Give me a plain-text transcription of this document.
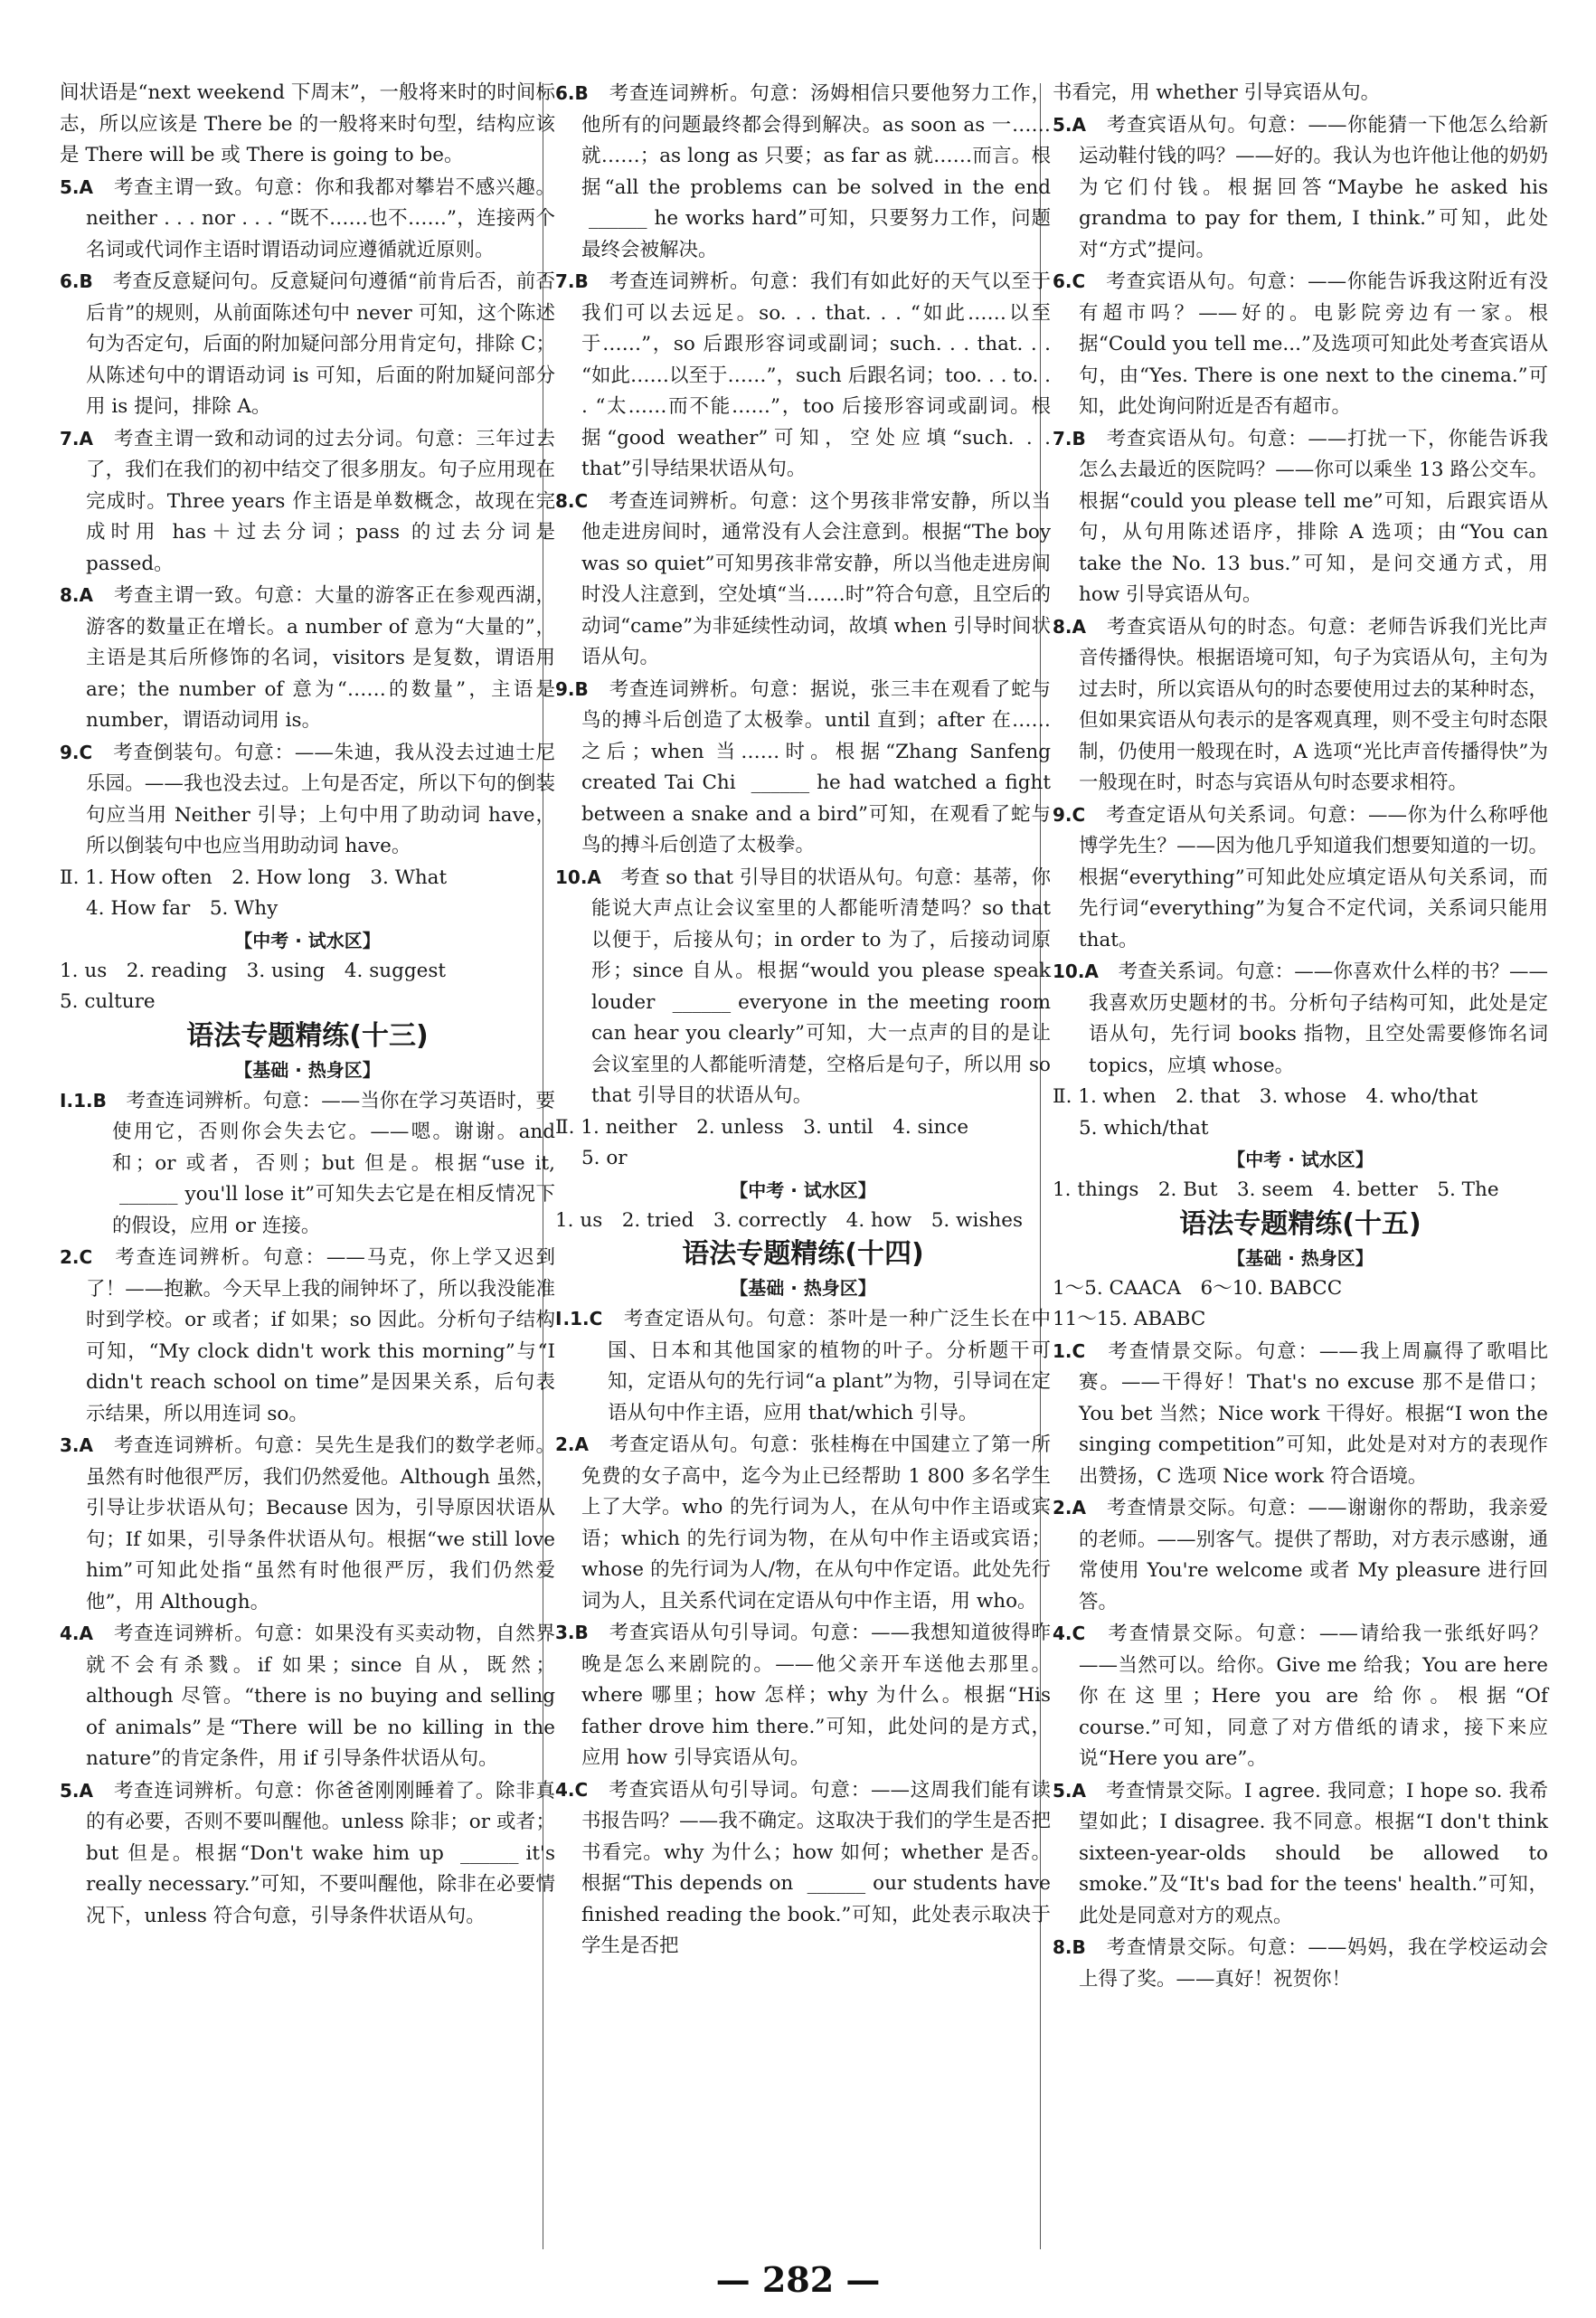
间状语是“next weekend 下周末”，一般将来时的时间标志，所以应该是 There be 的一般将来时句型，结构应该是 There will be 或 There is going to be。

5.A　 考查主谓一致。句意：你和我都对攀岩不感兴趣。neither . . . nor . . . “既不……也不……”，连接两个名词或代词作主语时谓语动词应遵循就近原则。

6.B　 考查反意疑问句。反意疑问句遵循“前肯后否，前否后肯”的规则，从前面陈述句中 never 可知，这个陈述句为否定句，后面的附加疑问部分用肯定句，排除 C；从陈述句中的谓语动词 is 可知，后面的附加疑问部分用 is 提问，排除 A。

7.A　 考查主谓一致和动词的过去分词。句意：三年过去了，我们在我们的初中结交了很多朋友。句子应用现在完成时。Three years 作主语是单数概念，故现在完成时用 has＋过去分词；pass 的过去分词是 passed。

8.A　 考查主谓一致。句意：大量的游客正在参观西湖，游客的数量正在增长。a number of 意为“大量的”，主语是其后所修饰的名词，visitors 是复数，谓语用 are；the number of 意为“……的数量”，主语是 number，谓语动词用 is。

9.C　 考查倒装句。句意：——朱迪，我从没去过迪士尼乐园。——我也没去过。上句是否定，所以下句的倒装句应当用 Neither 引导；上句中用了助动词 have，所以倒装句中也应当用助动词 have。

Ⅱ. 1. How often　2. How long　3. What

4. How far　5. Why

【中考 · 试水区】

1. us　2. reading　3. using　4. suggest

5. culture

语法专题精练(十三)

【基础 · 热身区】

Ⅰ.1.B　 考查连词辨析。句意：——当你在学习英语时，要使用它，否则你会失去它。——嗯。谢谢。and 和；or 或者，否则；but 但是。根据“use it, ______ you'll lose it”可知失去它是在相反情况下的假设，应用 or 连接。

2.C　 考查连词辨析。句意：——马克，你上学又迟到了！——抱歉。今天早上我的闹钟坏了，所以我没能准时到学校。or 或者；if 如果；so 因此。分析句子结构可知，“My clock didn't work this morning”与“I didn't reach school on time”是因果关系，后句表示结果，所以用连词 so。

3.A　 考查连词辨析。句意：吴先生是我们的数学老师。虽然有时他很严厉，我们仍然爱他。Although 虽然，引导让步状语从句；Because 因为，引导原因状语从句；If 如果，引导条件状语从句。根据“we still love him”可知此处指“虽然有时他很严厉，我们仍然爱他”，用 Although。

4.A　 考查连词辨析。句意：如果没有买卖动物，自然界就不会有杀戮。if 如果；since 自从，既然；although 尽管。“there is no buying and selling of animals”是“There will be no killing in the nature”的肯定条件，用 if 引导条件状语从句。

5.A　 考查连词辨析。句意：你爸爸刚刚睡着了。除非真的有必要，否则不要叫醒他。unless 除非；or 或者；but 但是。根据“Don't wake him up ______ it's really necessary.”可知，不要叫醒他，除非在必要情况下，unless 符合句意，引导条件状语从句。

6.B　 考查连词辨析。句意：汤姆相信只要他努力工作，他所有的问题最终都会得到解决。as soon as 一……就……；as long as 只要；as far as 就……而言。根据“all the problems can be solved in the end ______ he works hard”可知，只要努力工作，问题最终会被解决。

7.B　 考查连词辨析。句意：我们有如此好的天气以至于我们可以去远足。so. . . that. . . “如此……以至于……”，so 后跟形容词或副词；such. . . that. . . “如此……以至于……”，such 后跟名词；too. . . to. . . “太……而不能……”，too 后接形容词或副词。根据“good weather”可知，空处应填“such. . . that”引导结果状语从句。

8.C　 考查连词辨析。句意：这个男孩非常安静，所以当他走进房间时，通常没有人会注意到。根据“The boy was so quiet”可知男孩非常安静，所以当他走进房间时没人注意到，空处填“当……时”符合句意，且空后的动词“came”为非延续性动词，故填 when 引导时间状语从句。

9.B　 考查连词辨析。句意：据说，张三丰在观看了蛇与鸟的搏斗后创造了太极拳。until 直到；after 在……之后；when 当……时。根据“Zhang Sanfeng created Tai Chi ______ he had watched a fight between a snake and a bird”可知，在观看了蛇与鸟的搏斗后创造了太极拳。

10.A　 考查 so that 引导目的状语从句。句意：基蒂，你能说大声点让会议室里的人都能听清楚吗？so that 以便于，后接从句；in order to 为了，后接动词原形；since 自从。根据“would you please speak louder ______ everyone in the meeting room can hear you clearly”可知，大一点声的目的是让会议室里的人都能听清楚，空格后是句子，所以用 so that 引导目的状语从句。

Ⅱ. 1. neither　2. unless　3. until　4. since

5. or

【中考 · 试水区】

1. us　2. tried　3. correctly　4. how　5. wishes

语法专题精练(十四)

【基础 · 热身区】

Ⅰ.1.C　 考查定语从句。句意：茶叶是一种广泛生长在中国、日本和其他国家的植物的叶子。分析题干可知，定语从句的先行词“a plant”为物，引导词在定语从句中作主语，应用 that/which 引导。

2.A　 考查定语从句。句意：张桂梅在中国建立了第一所免费的女子高中，迄今为止已经帮助 1 800 多名学生上了大学。who 的先行词为人，在从句中作主语或宾语；which 的先行词为物，在从句中作主语或宾语；whose 的先行词为人/物，在从句中作定语。此处先行词为人，且关系代词在定语从句中作主语，用 who。

3.B　 考查宾语从句引导词。句意：——我想知道彼得昨晚是怎么来剧院的。——他父亲开车送他去那里。where 哪里；how 怎样；why 为什么。根据“His father drove him there.”可知，此处问的是方式，应用 how 引导宾语从句。

4.C　 考查宾语从句引导词。句意：——这周我们能有读书报告吗？——我不确定。这取决于我们的学生是否把书看完。why 为什么；how 如何；whether 是否。根据“This depends on ______ our students have finished reading the book.”可知，此处表示取决于学生是否把

书看完，用 whether 引导宾语从句。

5.A　 考查宾语从句。句意：——你能猜一下他怎么给新运动鞋付钱的吗？——好的。我认为也许他让他的奶奶为它们付钱。根据回答“Maybe he asked his grandma to pay for them, I think.”可知，此处对“方式”提问。

6.C　 考查宾语从句。句意：——你能告诉我这附近有没有超市吗？——好的。电影院旁边有一家。根据“Could you tell me...”及选项可知此处考查宾语从句，由“Yes. There is one next to the cinema.”可知，此处询问附近是否有超市。

7.B　 考查宾语从句。句意：——打扰一下，你能告诉我怎么去最近的医院吗？——你可以乘坐 13 路公交车。根据“could you please tell me”可知，后跟宾语从句，从句用陈述语序，排除 A 选项；由“You can take the No. 13 bus.”可知，是问交通方式，用 how 引导宾语从句。

8.A　 考查宾语从句的时态。句意：老师告诉我们光比声音传播得快。根据语境可知，句子为宾语从句，主句为过去时，所以宾语从句的时态要使用过去的某种时态，但如果宾语从句表示的是客观真理，则不受主句时态限制，仍使用一般现在时，A 选项“光比声音传播得快”为一般现在时，时态与宾语从句时态要求相符。

9.C　 考查定语从句关系词。句意：——你为什么称呼他博学先生？——因为他几乎知道我们想要知道的一切。根据“everything”可知此处应填定语从句关系词，而先行词“everything”为复合不定代词，关系词只能用 that。

10.A　 考查关系词。句意：——你喜欢什么样的书？——我喜欢历史题材的书。分析句子结构可知，此处是定语从句，先行词 books 指物，且空处需要修饰名词 topics，应填 whose。

Ⅱ. 1. when　2. that　3. whose　4. who/that

5. which/that

【中考 · 试水区】

1. things　2. But　3. seem　4. better　5. The

语法专题精练(十五)

【基础 · 热身区】

1～5. CAACA　6～10. BABCC

11～15. ABABC

1.C　 考查情景交际。句意：——我上周赢得了歌唱比赛。——干得好！That's no excuse 那不是借口；You bet 当然；Nice work 干得好。根据“I won the singing competition”可知，此处是对对方的表现作出赞扬，C 选项 Nice work 符合语境。

2.A　 考查情景交际。句意：——谢谢你的帮助，我亲爱的老师。——别客气。提供了帮助，对方表示感谢，通常使用 You're welcome 或者 My pleasure 进行回答。

4.C　 考查情景交际。句意：——请给我一张纸好吗？——当然可以。给你。Give me 给我；You are here 你在这里；Here you are 给你。根据“Of course.”可知，同意了对方借纸的请求，接下来应说“Here you are”。

5.A　 考查情景交际。I agree. 我同意；I hope so. 我希望如此；I disagree. 我不同意。根据“I don't think sixteen-year-olds should be allowed to smoke.”及“It's bad for the teens' health.”可知，此处是同意对方的观点。

8.B　 考查情景交际。句意：——妈妈，我在学校运动会上得了奖。——真好！祝贺你！

— 282 —
